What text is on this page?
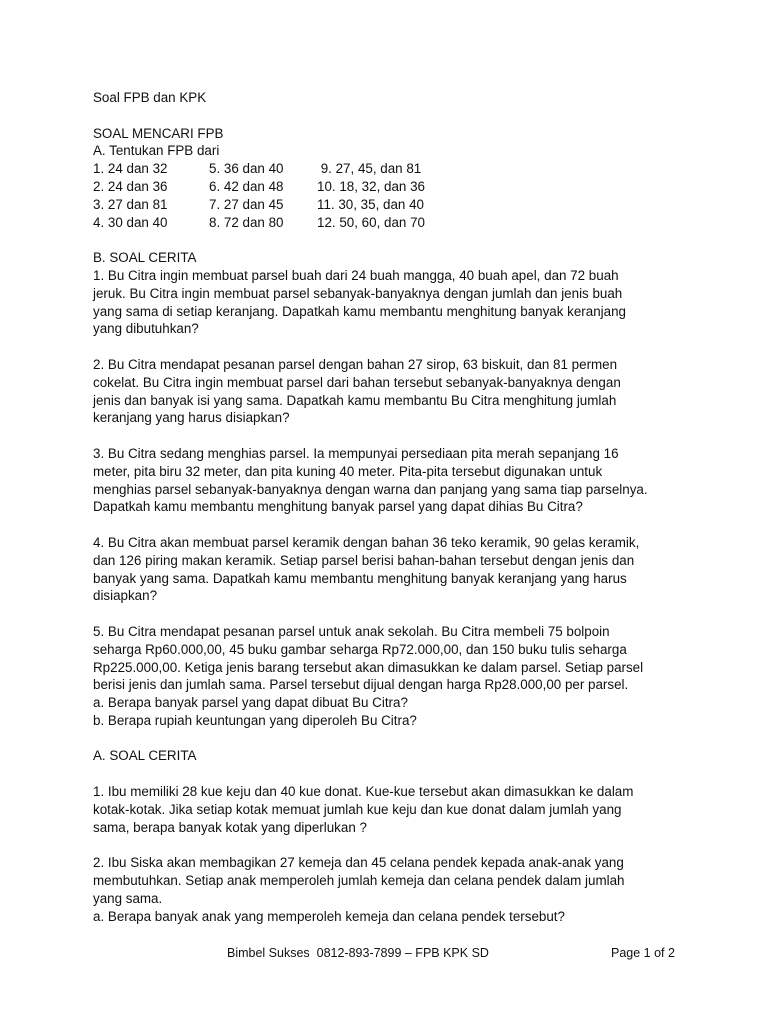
Soal FPB dan KPK
SOAL MENCARI FPB
A. Tentukan FPB dari
1. 24 dan 32	5. 36 dan 40	9. 27, 45, dan 81
2. 24 dan 36	6. 42 dan 48	10. 18, 32, dan 36
3. 27 dan 81	7. 27 dan 45	11. 30, 35, dan 40
4. 30 dan 40	8. 72 dan 80	12. 50, 60, dan 70
B. SOAL CERITA
1. Bu Citra ingin membuat parsel buah dari 24 buah mangga, 40 buah apel, dan 72 buah
jeruk. Bu Citra ingin membuat parsel sebanyak-banyaknya dengan jumlah dan jenis buah
yang sama di setiap keranjang. Dapatkah kamu membantu menghitung banyak keranjang
yang dibutuhkan?
2. Bu Citra mendapat pesanan parsel dengan bahan 27 sirop, 63 biskuit, dan 81 permen
cokelat. Bu Citra ingin membuat parsel dari bahan tersebut sebanyak-banyaknya dengan
jenis dan banyak isi yang sama. Dapatkah kamu membantu Bu Citra menghitung jumlah
keranjang yang harus disiapkan?
3. Bu Citra sedang menghias parsel. Ia mempunyai persediaan pita merah sepanjang 16
meter, pita biru 32 meter, dan pita kuning 40 meter. Pita-pita tersebut digunakan untuk
menghias parsel sebanyak-banyaknya dengan warna dan panjang yang sama tiap parselnya.
Dapatkah kamu membantu menghitung banyak parsel yang dapat dihias Bu Citra?
4. Bu Citra akan membuat parsel keramik dengan bahan 36 teko keramik, 90 gelas keramik,
dan 126 piring makan keramik. Setiap parsel berisi bahan-bahan tersebut dengan jenis dan
banyak yang sama. Dapatkah kamu membantu menghitung banyak keranjang yang harus
disiapkan?
5. Bu Citra mendapat pesanan parsel untuk anak sekolah. Bu Citra membeli 75 bolpoin
seharga Rp60.000,00, 45 buku gambar seharga Rp72.000,00, dan 150 buku tulis seharga
Rp225.000,00. Ketiga jenis barang tersebut akan dimasukkan ke dalam parsel. Setiap parsel
berisi jenis dan jumlah sama. Parsel tersebut dijual dengan harga Rp28.000,00 per parsel.
a. Berapa banyak parsel yang dapat dibuat Bu Citra?
b. Berapa rupiah keuntungan yang diperoleh Bu Citra?
A. SOAL CERITA
1. Ibu memiliki 28 kue keju dan 40 kue donat. Kue-kue tersebut akan dimasukkan ke dalam
kotak-kotak. Jika setiap kotak memuat jumlah kue keju dan kue donat dalam jumlah yang
sama, berapa banyak kotak yang diperlukan ?
2. Ibu Siska akan membagikan 27 kemeja dan 45 celana pendek kepada anak-anak yang
membutuhkan. Setiap anak memperoleh jumlah kemeja dan celana pendek dalam jumlah
yang sama.
a. Berapa banyak anak yang memperoleh kemeja dan celana pendek tersebut?
Bimbel Sukses  0812-893-7899 – FPB KPK SD	Page 1 of 2
